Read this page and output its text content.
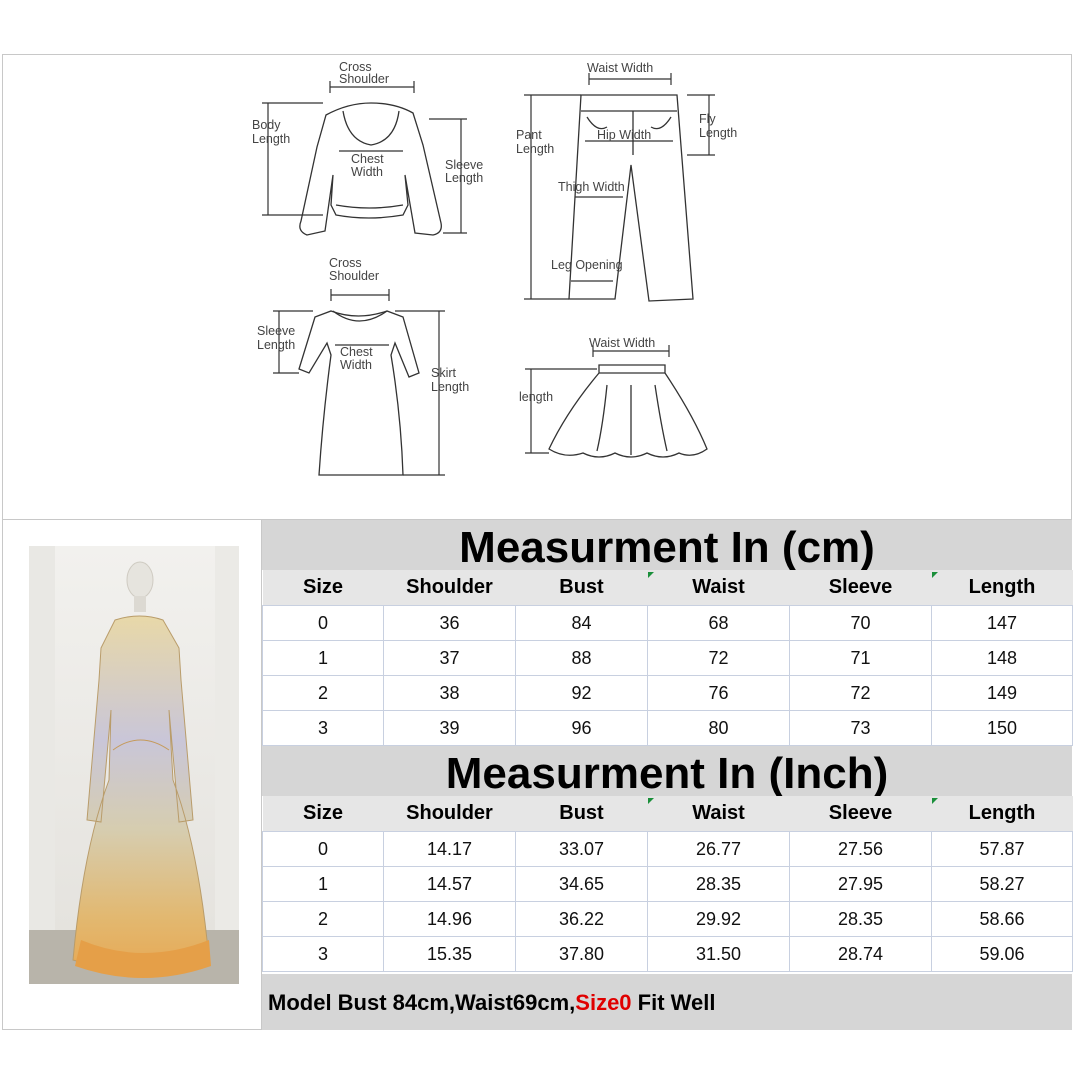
Cross
Shoulder
Body
Length
Chest
Width	Sleeve
Length
Waist Width
Pant
Length
Hip Width
Fly
Length
Thigh Width
Leg Opening
Cross
Shoulder
Sleeve
Length	Chest
Width
Skirt
Length
Waist Width
length
Measurment In (cm)
Size	Shoulder	Bust	Waist	Sleeve	Length
0	36	84	68	70	147
1	37	88	72	71	148
2	38	92	76	72	149
3	39	96	80	73	150
Measurment In (Inch)
Size	Shoulder	Bust	Waist	Sleeve	Length
0	14.17	33.07	26.77	27.56	57.87
1	14.57	34.65	28.35	27.95	58.27
2	14.96	36.22	29.92	28.35	58.66
3	15.35	37.80	31.50	28.74	59.06
Model Bust 84cm,Waist69cm,Size0 Fit Well
